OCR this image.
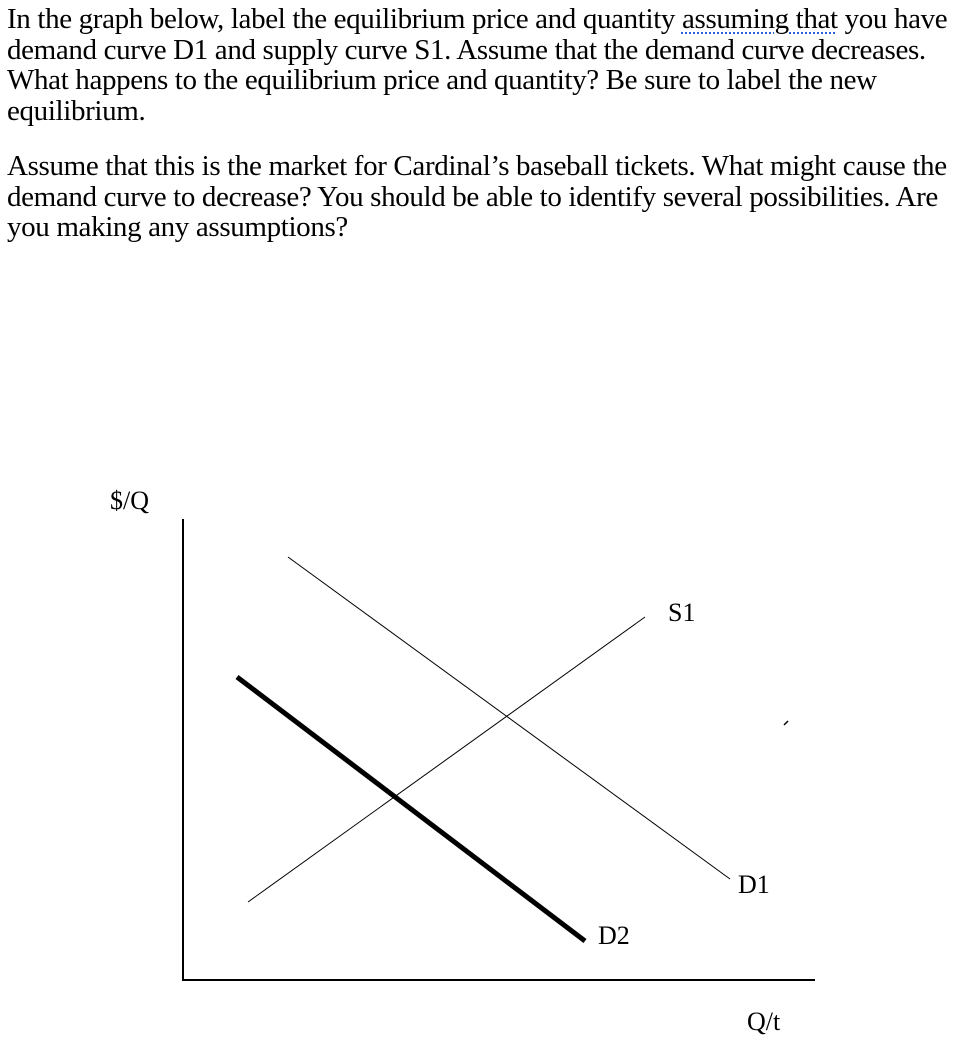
In the graph below, label the equilibrium price and quantity assuming that you have demand curve D1 and supply curve S1. Assume that the demand curve decreases. What happens to the equilibrium price and quantity? Be sure to label the new equilibrium.
Assume that this is the market for Cardinal’s baseball tickets. What might cause the demand curve to decrease? You should be able to identify several possibilities. Are you making any assumptions?
$/Q
Q/t
S1
D1
D2
